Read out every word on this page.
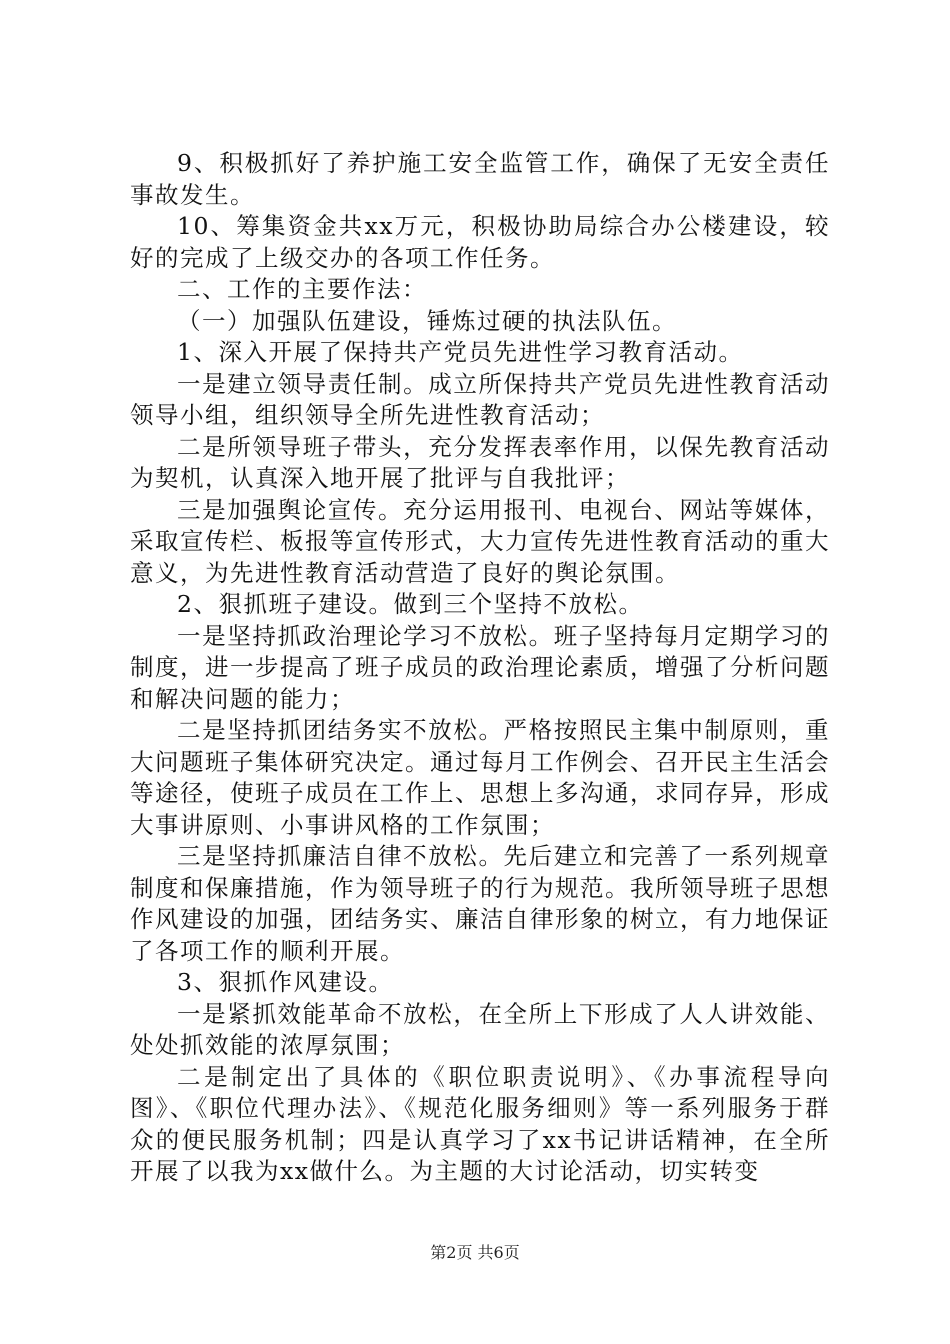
9、积极抓好了养护施工安全监管工作，确保了无安全责任事故发生。

10、筹集资金共xx万元，积极协助局综合办公楼建设，较好的完成了上级交办的各项工作任务。

二、工作的主要作法：

（一）加强队伍建设，锤炼过硬的执法队伍。

1、深入开展了保持共产党员先进性学习教育活动。

一是建立领导责任制。成立所保持共产党员先进性教育活动领导小组，组织领导全所先进性教育活动；

二是所领导班子带头，充分发挥表率作用，以保先教育活动为契机，认真深入地开展了批评与自我批评；

三是加强舆论宣传。充分运用报刊、电视台、网站等媒体，采取宣传栏、板报等宣传形式，大力宣传先进性教育活动的重大意义，为先进性教育活动营造了良好的舆论氛围。

2、狠抓班子建设。做到三个坚持不放松。

一是坚持抓政治理论学习不放松。班子坚持每月定期学习的制度，进一步提高了班子成员的政治理论素质，增强了分析问题和解决问题的能力；

二是坚持抓团结务实不放松。严格按照民主集中制原则，重大问题班子集体研究决定。通过每月工作例会、召开民主生活会等途径，使班子成员在工作上、思想上多沟通，求同存异，形成大事讲原则、小事讲风格的工作氛围；

三是坚持抓廉洁自律不放松。先后建立和完善了一系列规章制度和保廉措施，作为领导班子的行为规范。我所领导班子思想作风建设的加强，团结务实、廉洁自律形象的树立，有力地保证了各项工作的顺利开展。

3、狠抓作风建设。

一是紧抓效能革命不放松，在全所上下形成了人人讲效能、处处抓效能的浓厚氛围；

二是制定出了具体的《职位职责说明》、《办事流程导向图》、《职位代理办法》、《规范化服务细则》等一系列服务于群众的便民服务机制；四是认真学习了xx书记讲话精神，在全所开展了以我为xx做什么。为主题的大讨论活动，切实转变

第2页 共6页
